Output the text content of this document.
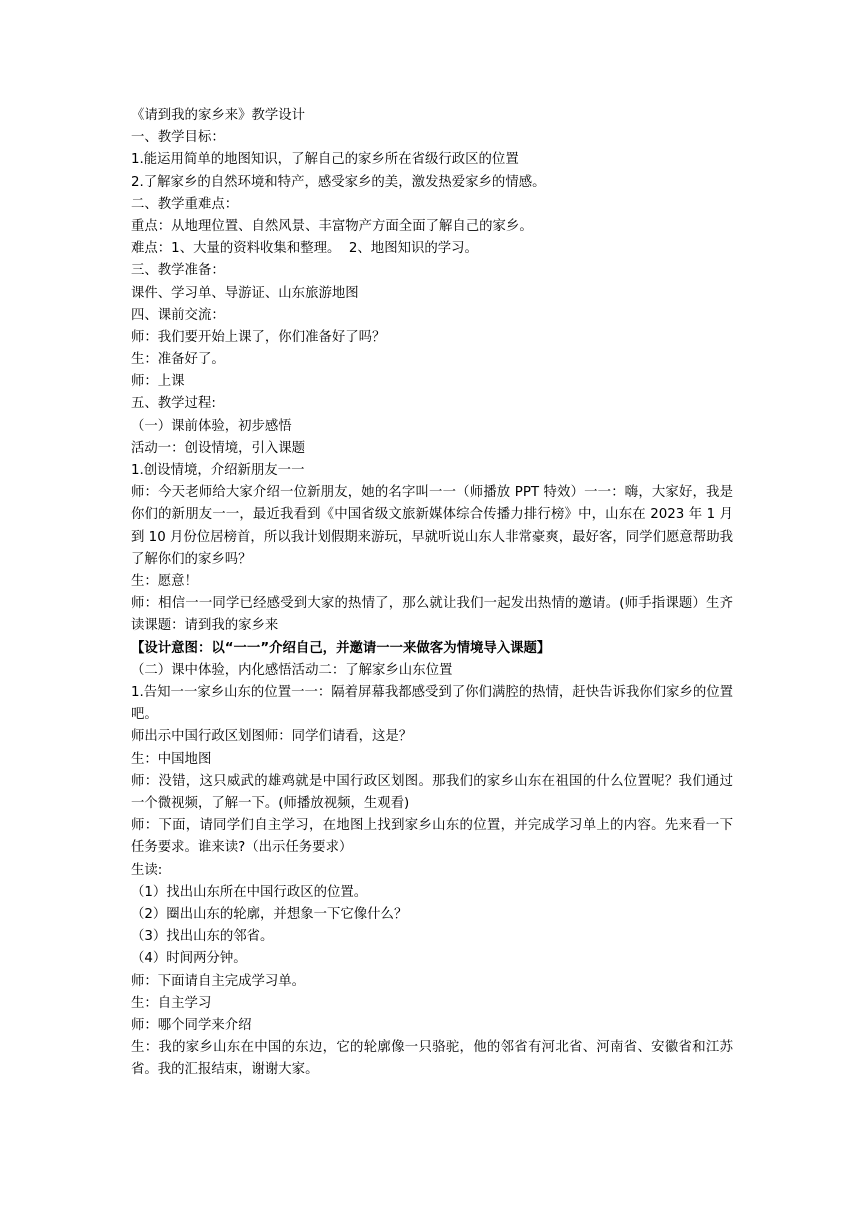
《请到我的家乡来》教学设计
一、教学目标：
1.能运用简单的地图知识，了解自己的家乡所在省级行政区的位置
2.了解家乡的自然环境和特产，感受家乡的美，激发热爱家乡的情感。
二、教学重难点：
重点：从地理位置、自然风景、丰富物产方面全面了解自己的家乡。
难点：1、大量的资料收集和整理。  2、地图知识的学习。
三、教学准备：
课件、学习单、导游证、山东旅游地图
四、课前交流：
师：我们要开始上课了，你们准备好了吗？
生：准备好了。
师：上课
五、教学过程:
（一）课前体验，初步感悟
活动一：创设情境，引入课题
1.创设情境，介绍新朋友一一
师：今天老师给大家介绍一位新朋友，她的名字叫一一（师播放 PPT 特效）一一：嗨，大家好，我是你们的新朋友一一，最近我看到《中国省级文旅新媒体综合传播力排行榜》中，山东在 2023 年 1 月到 10 月份位居榜首，所以我计划假期来游玩，早就听说山东人非常豪爽，最好客，同学们愿意帮助我了解你们的家乡吗？
生：愿意！
师：相信一一同学已经感受到大家的热情了，那么就让我们一起发出热情的邀请。(师手指课题）生齐读课题：请到我的家乡来
【设计意图：以“一一”介绍自己，并邀请一一来做客为情境导入课题】
（二）课中体验，内化感悟活动二：了解家乡山东位置
1.告知一一家乡山东的位置一一：隔着屏幕我都感受到了你们满腔的热情，赶快告诉我你们家乡的位置吧。
师出示中国行政区划图师：同学们请看，这是？
生：中国地图
师：没错，这只威武的雄鸡就是中国行政区划图。那我们的家乡山东在祖国的什么位置呢？我们通过一个微视频，了解一下。(师播放视频，生观看)
师：下面，请同学们自主学习，在地图上找到家乡山东的位置，并完成学习单上的内容。先来看一下任务要求。谁来读?（出示任务要求）
生读:
（1）找出山东所在中国行政区的位置。
（2）圈出山东的轮廓，并想象一下它像什么？
（3）找出山东的邻省。
（4）时间两分钟。
师：下面请自主完成学习单。
生：自主学习
师：哪个同学来介绍
生：我的家乡山东在中国的东边，它的轮廓像一只骆驼，他的邻省有河北省、河南省、安徽省和江苏省。我的汇报结束，谢谢大家。
